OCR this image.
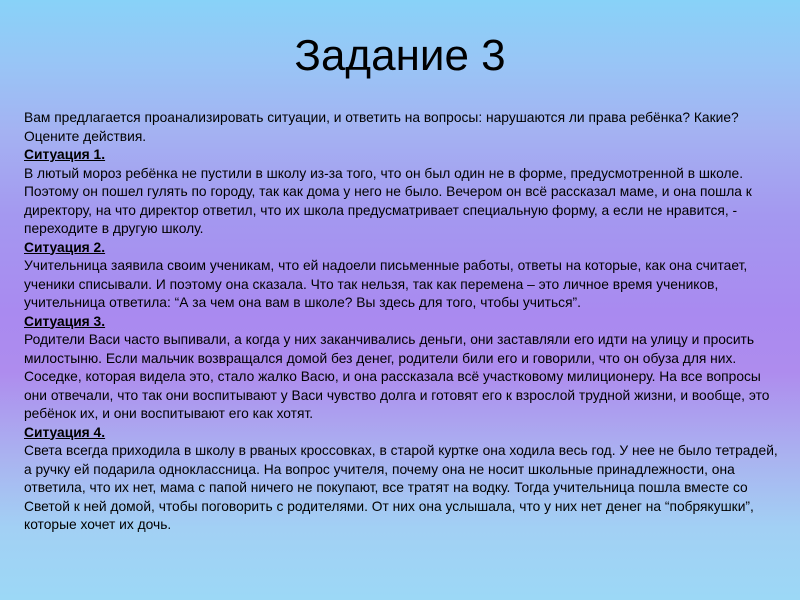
Задание 3

Вам предлагается проанализировать ситуации, и ответить на вопросы: нарушаются ли права ребёнка? Какие? Оцените действия.

Ситуация 1.

В лютый мороз ребёнка не пустили в школу из-за того, что он был один не в форме, предусмотренной в школе. Поэтому он пошел гулять по городу, так как дома у него не было. Вечером он всё рассказал маме, и она пошла к директору, на что директор ответил, что их школа предусматривает специальную форму, а если не нравится, - переходите в другую школу.

Ситуация 2.

Учительница заявила своим ученикам, что ей надоели письменные работы, ответы на которые, как она считает, ученики списывали. И поэтому она сказала. Что так нельзя, так как перемена – это личное время учеников, учительница ответила: “А за чем она вам в школе? Вы здесь для того, чтобы учиться”.

Ситуация 3.

Родители Васи часто выпивали, а когда у них заканчивались деньги, они заставляли его идти на улицу и просить милостыню. Если мальчик возвращался домой без денег, родители били его и говорили, что он обуза для них. Соседке, которая видела это, стало жалко Васю, и она рассказала всё участковому милиционеру. На все вопросы они отвечали, что так они воспитывают у Васи чувство долга и готовят его к взрослой трудной жизни, и вообще, это ребёнок их, и они воспитывают его как хотят.

Ситуация 4.

Света всегда приходила в школу в рваных кроссовках, в старой куртке она ходила весь год. У нее не было тетрадей, а ручку ей подарила одноклассница. На вопрос учителя, почему она не носит школьные принадлежности, она ответила, что их нет, мама с папой ничего не покупают, все тратят на водку. Тогда учительница пошла вместе со Светой к ней домой, чтобы поговорить с родителями. От них она услышала, что у них нет денег на “побрякушки”, которые хочет их дочь.
